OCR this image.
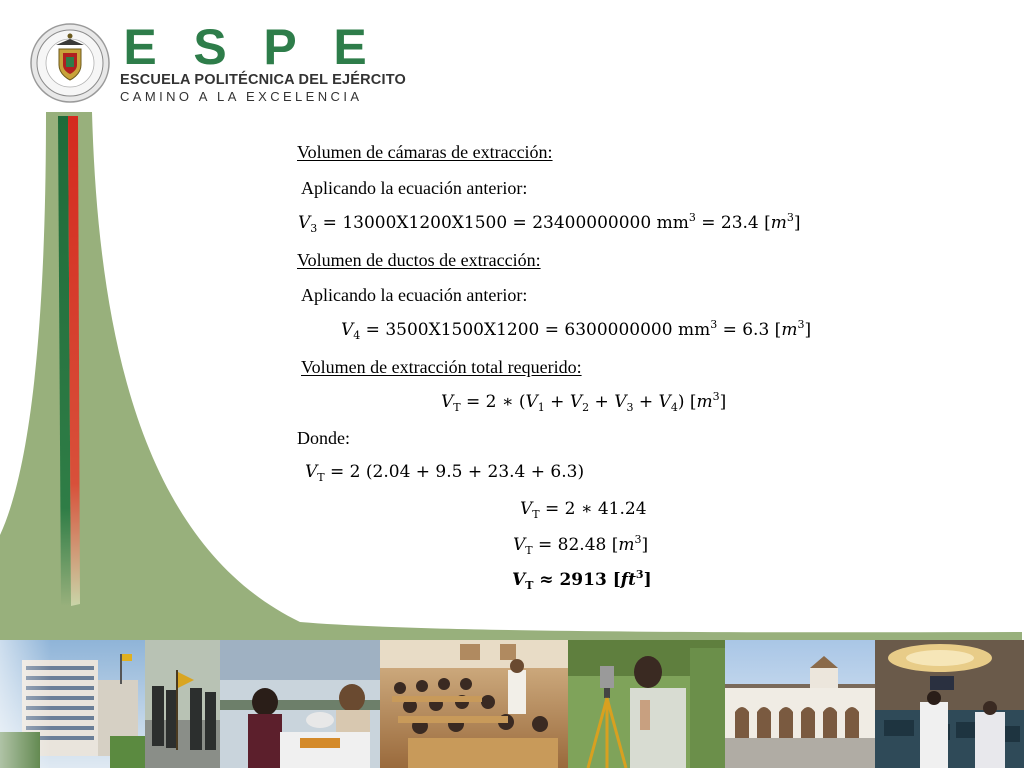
E S P E
ESCUELA POLITÉCNICA DEL EJÉRCITO
CAMINO A LA EXCELENCIA
Volumen de cámaras de extracción:
Aplicando la ecuación anterior:
$V_3 = 13000X1200X1500 = 23400000000$ $mm^3 = 23.4$ $[m^3]$
Volumen de ductos de extracción:
Aplicando la ecuación anterior:
$V_4 = 3500X1500X1200 = 6300000000$ $mm^3 = 6.3$ $[m^3]$
Volumen de extracción total requerido:
$V_T = 2$ ∗ $(V_1 + V_2 + V_3 + V_4)$ $[m^3]$
Donde:
$V_T = 2$ (2.04 + 9.5 + 23.4 + 6.3)
$V_T = 2$ ∗ 41.24
$V_T = 82.48$ $[m^3]$
$V_T \approx 2913$ $[ft^3]$
